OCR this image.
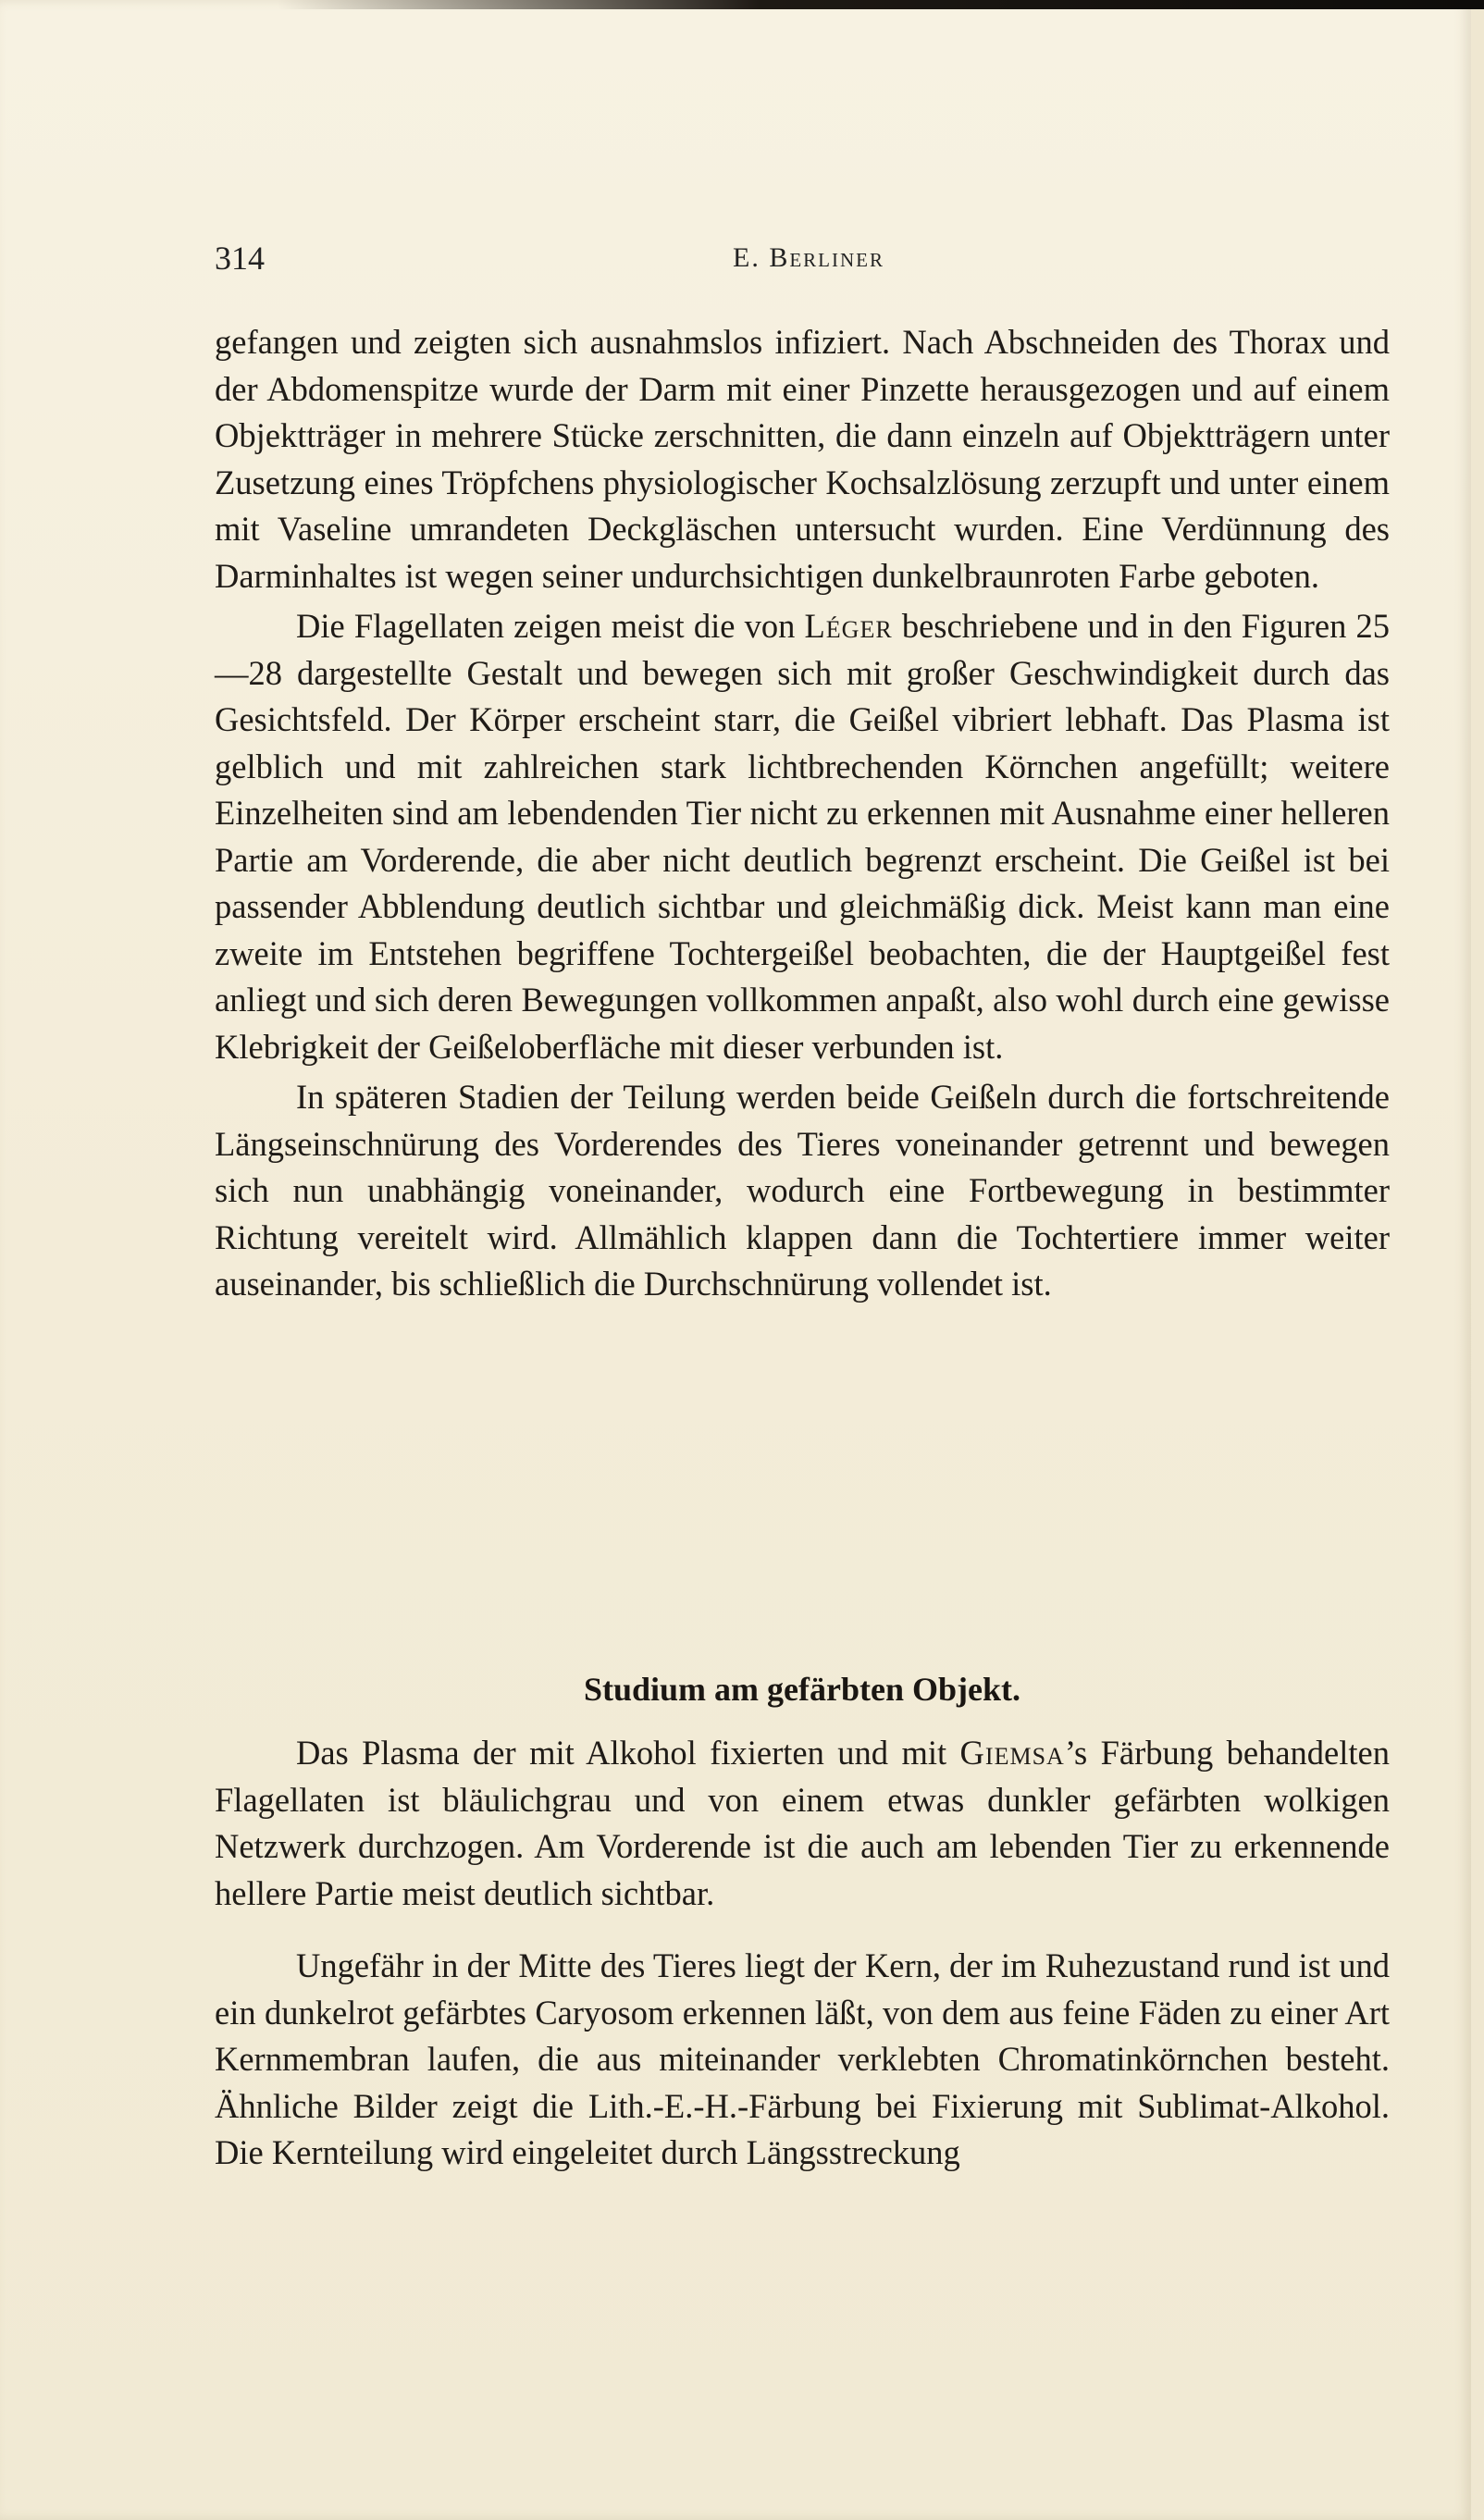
314	E. Berliner

gefangen und zeigten sich ausnahmslos infiziert. Nach Abschneiden des Thorax und der Abdomenspitze wurde der Darm mit einer Pinzette herausgezogen und auf einem Objektträger in mehrere Stücke zerschnitten, die dann einzeln auf Objektträgern unter Zusetzung eines Tröpfchens physiologischer Kochsalzlösung zerzupft und unter einem mit Vaseline umrandeten Deckgläschen untersucht wurden. Eine Verdünnung des Darminhaltes ist wegen seiner undurchsichtigen dunkelbraunroten Farbe geboten.

Die Flagellaten zeigen meist die von Léger beschriebene und in den Figuren 25—28 dargestellte Gestalt und bewegen sich mit großer Geschwindigkeit durch das Gesichtsfeld. Der Körper erscheint starr, die Geißel vibriert lebhaft. Das Plasma ist gelblich und mit zahlreichen stark lichtbrechenden Körnchen angefüllt; weitere Einzelheiten sind am lebendenden Tier nicht zu erkennen mit Ausnahme einer helleren Partie am Vorderende, die aber nicht deutlich begrenzt erscheint. Die Geißel ist bei passender Abblendung deutlich sichtbar und gleichmäßig dick. Meist kann man eine zweite im Entstehen begriffene Tochtergeißel beobachten, die der Hauptgeißel fest anliegt und sich deren Bewegungen vollkommen anpaßt, also wohl durch eine gewisse Klebrigkeit der Geißeloberfläche mit dieser verbunden ist.

In späteren Stadien der Teilung werden beide Geißeln durch die fortschreitende Längseinschnürung des Vorderendes des Tieres voneinander getrennt und bewegen sich nun unabhängig voneinander, wodurch eine Fortbewegung in bestimmter Richtung vereitelt wird. Allmählich klappen dann die Tochtertiere immer weiter auseinander, bis schließlich die Durchschnürung vollendet ist.

Studium am gefärbten Objekt.

Das Plasma der mit Alkohol fixierten und mit Giemsa’s Färbung behandelten Flagellaten ist bläulichgrau und von einem etwas dunkler gefärbten wolkigen Netzwerk durchzogen. Am Vorderende ist die auch am lebenden Tier zu erkennende hellere Partie meist deutlich sichtbar.

Ungefähr in der Mitte des Tieres liegt der Kern, der im Ruhezustand rund ist und ein dunkelrot gefärbtes Caryosom erkennen läßt, von dem aus feine Fäden zu einer Art Kernmembran laufen, die aus miteinander verklebten Chromatinkörnchen besteht. Ähnliche Bilder zeigt die Lith.-E.-H.-Färbung bei Fixierung mit Sublimat-Alkohol. Die Kernteilung wird eingeleitet durch Längsstreckung
